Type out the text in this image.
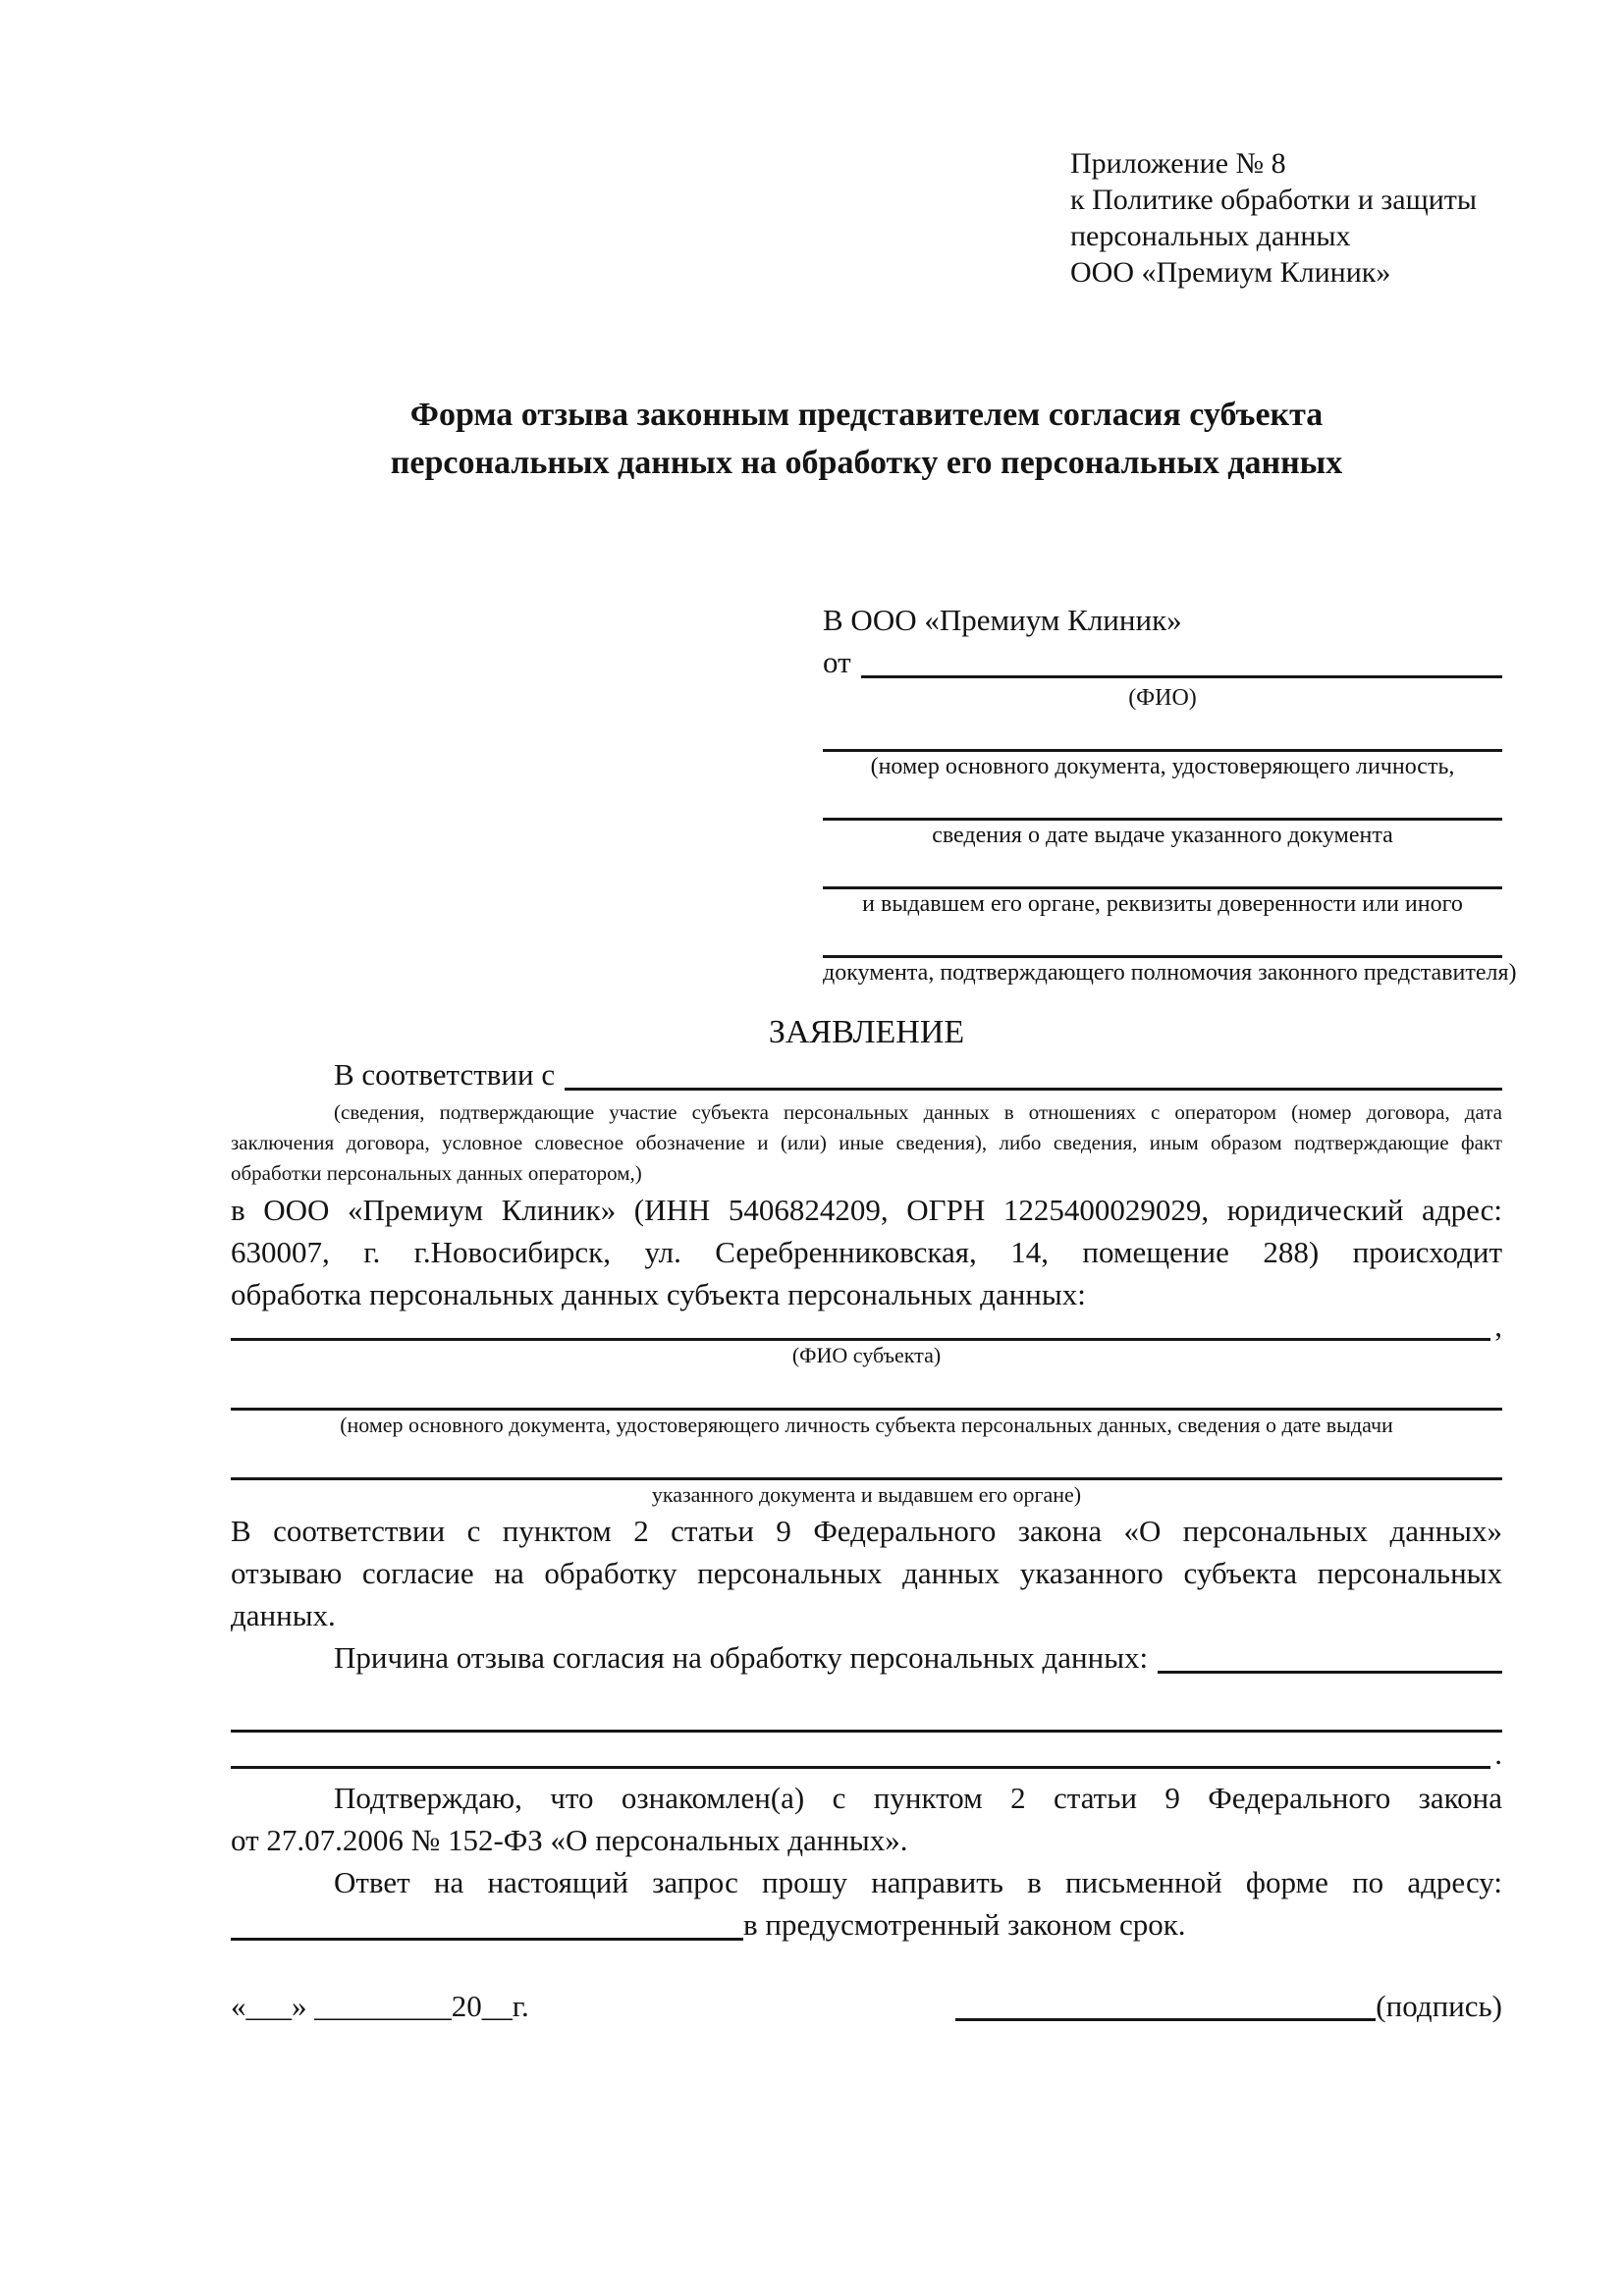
Приложение № 8
к Политике обработки и защиты
персональных данных
ООО «Премиум Клиник»
Форма отзыва законным представителем согласия субъекта
персональных данных на обработку его персональных данных
В ООО «Премиум Клиник»
от
(ФИО)
(номер основного документа, удостоверяющего личность,
сведения о дате выдаче указанного документа
и выдавшем его органе, реквизиты доверенности или иного
документа, подтверждающего полномочия законного представителя)
ЗАЯВЛЕНИЕ
В соответствии с
(сведения, подтверждающие участие субъекта персональных данных в отношениях с оператором (номер договора, дата
заключения договора, условное словесное обозначение и (или) иные сведения), либо сведения, иным образом подтверждающие факт
обработки персональных данных оператором,)
в ООО «Премиум Клиник» (ИНН 5406824209, ОГРН 1225400029029, юридический адрес:
630007, г. г.Новосибирск, ул. Серебренниковская, 14, помещение 288) происходит
обработка персональных данных субъекта персональных данных:
,
(ФИО субъекта)
(номер основного документа, удостоверяющего личность субъекта персональных данных, сведения о дате выдачи
указанного документа и выдавшем его органе)
В соответствии с пунктом 2 статьи 9 Федерального закона «О персональных данных»
отзываю согласие на обработку персональных данных указанного субъекта персональных
данных.
Причина отзыва согласия на обработку персональных данных:
.
Подтверждаю, что ознакомлен(а) с пунктом 2 статьи 9 Федерального закона
от 27.07.2006 № 152-ФЗ «О персональных данных».
Ответ на настоящий запрос прошу направить в письменной форме по адресу:
в предусмотренный законом срок.
«___» _________20__г.	(подпись)
